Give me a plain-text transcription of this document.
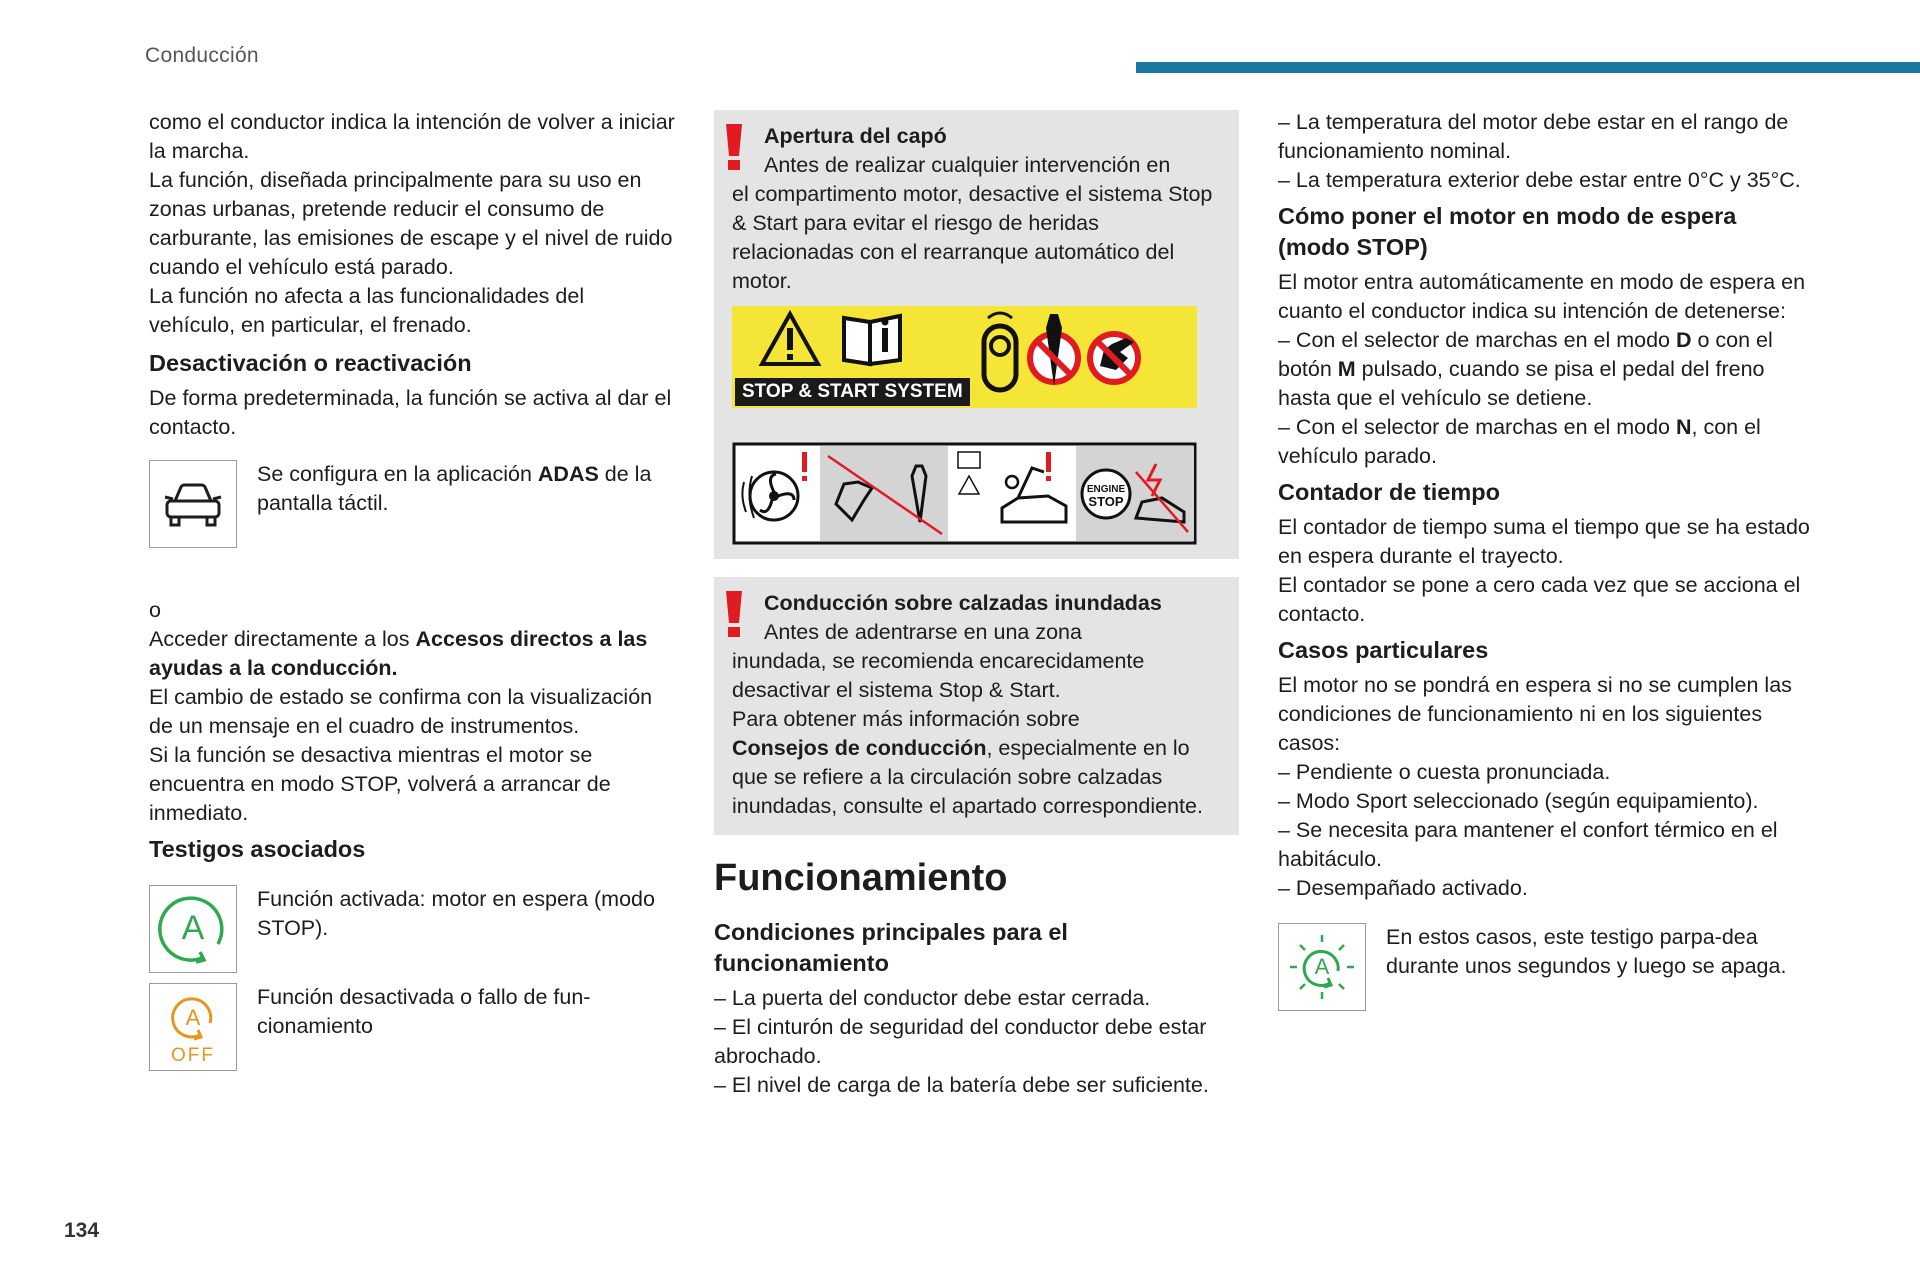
Conducción

como el conductor indica la intención de volver a iniciar la marcha.

La función, diseñada principalmente para su uso en zonas urbanas, pretende reducir el consumo de carburante, las emisiones de escape y el nivel de ruido cuando el vehículo está parado.

La función no afecta a las funcionalidades del vehículo, en particular, el frenado.

Desactivación o reactivación

De forma predeterminada, la función se activa al dar el contacto.

Se configura en la aplicación ADAS de la pantalla táctil.

o

Acceder directamente a los Accesos directos a las ayudas a la conducción.

El cambio de estado se confirma con la visualización de un mensaje en el cuadro de instrumentos.

Si la función se desactiva mientras el motor se encuentra en modo STOP, volverá a arrancar de inmediato.

Testigos asociados
A
Función activada: motor en espera (modo STOP).
A
OFF
Función desactivada o fallo de fun-cionamiento
Apertura del capó
Antes de realizar cualquier intervención en
el compartimento motor, desactive el sistema Stop & Start para evitar el riesgo de heridas relacionadas con el rearranque automático del motor.
STOP & START SYSTEM
ENGINE
STOP
Conducción sobre calzadas inundadas
Antes de adentrarse en una zona
inundada, se recomienda encarecidamente desactivar el sistema Stop & Start.
Para obtener más información sobre
Consejos de conducción, especialmente en lo que se refiere a la circulación sobre calzadas inundadas, consulte el apartado correspondiente.
Funcionamiento
Condiciones principales para el funcionamiento

– La puerta del conductor debe estar cerrada.

– El cinturón de seguridad del conductor debe estar abrochado.

– El nivel de carga de la batería debe ser suficiente.

– La temperatura del motor debe estar en el rango de funcionamiento nominal.

– La temperatura exterior debe estar entre 0°C y 35°C.

Cómo poner el motor en modo de espera (modo STOP)

El motor entra automáticamente en modo de espera en cuanto el conductor indica su intención de detenerse:

– Con el selector de marchas en el modo D o con el botón M pulsado, cuando se pisa el pedal del freno hasta que el vehículo se detiene.

– Con el selector de marchas en el modo N, con el vehículo parado.

Contador de tiempo

El contador de tiempo suma el tiempo que se ha estado en espera durante el trayecto.

El contador se pone a cero cada vez que se acciona el contacto.

Casos particulares

El motor no se pondrá en espera si no se cumplen las condiciones de funcionamiento ni en los siguientes casos:

– Pendiente o cuesta pronunciada.

– Modo Sport seleccionado (según equipamiento).

– Se necesita para mantener el confort térmico en el habitáculo.

– Desempañado activado.

A
En estos casos, este testigo parpa-dea durante unos segundos y luego se apaga.
134
